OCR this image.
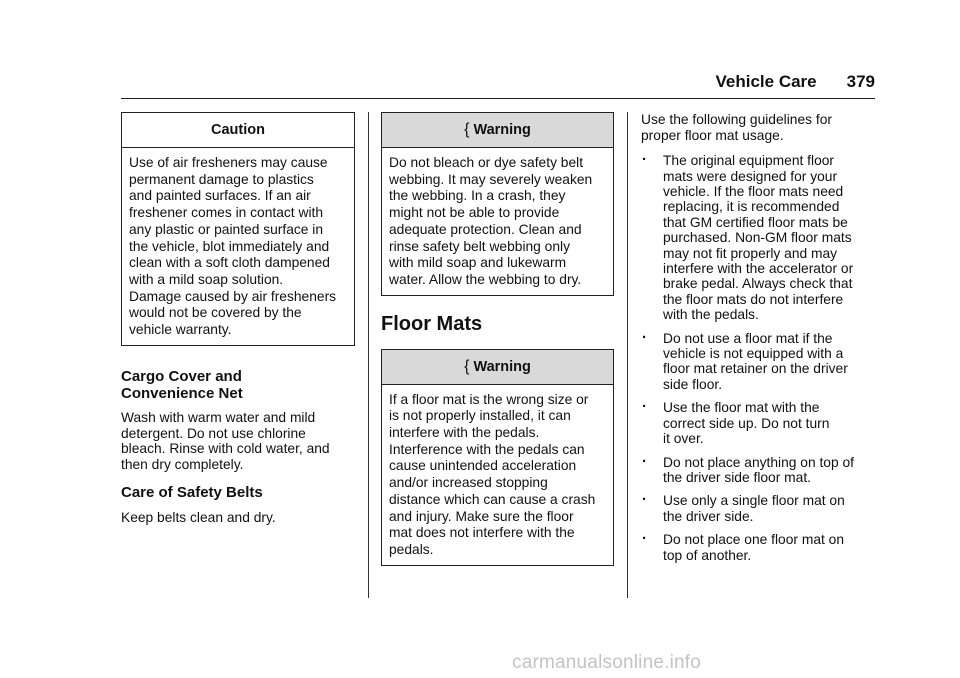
Vehicle Care 379
Caution
Use of air fresheners may cause
permanent damage to plastics
and painted surfaces. If an air
freshener comes in contact with
any plastic or painted surface in
the vehicle, blot immediately and
clean with a soft cloth dampened
with a mild soap solution.
Damage caused by air fresheners
would not be covered by the
vehicle warranty.
Cargo Cover and
Convenience Net
Wash with warm water and mild
detergent. Do not use chlorine
bleach. Rinse with cold water, and
then dry completely.
Care of Safety Belts
Keep belts clean and dry.
{ Warning
Do not bleach or dye safety belt
webbing. It may severely weaken
the webbing. In a crash, they
might not be able to provide
adequate protection. Clean and
rinse safety belt webbing only
with mild soap and lukewarm
water. Allow the webbing to dry.
Floor Mats
{ Warning
If a floor mat is the wrong size or
is not properly installed, it can
interfere with the pedals.
Interference with the pedals can
cause unintended acceleration
and/or increased stopping
distance which can cause a crash
and injury. Make sure the floor
mat does not interfere with the
pedals.
Use the following guidelines for
proper floor mat usage.
. The original equipment floor
mats were designed for your
vehicle. If the floor mats need
replacing, it is recommended
that GM certified floor mats be
purchased. Non-GM floor mats
may not fit properly and may
interfere with the accelerator or
brake pedal. Always check that
the floor mats do not interfere
with the pedals.
. Do not use a floor mat if the
vehicle is not equipped with a
floor mat retainer on the driver
side floor.
. Use the floor mat with the
correct side up. Do not turn
it over.
. Do not place anything on top of
the driver side floor mat.
. Use only a single floor mat on
the driver side.
. Do not place one floor mat on
top of another.
carmanualsonline.info
